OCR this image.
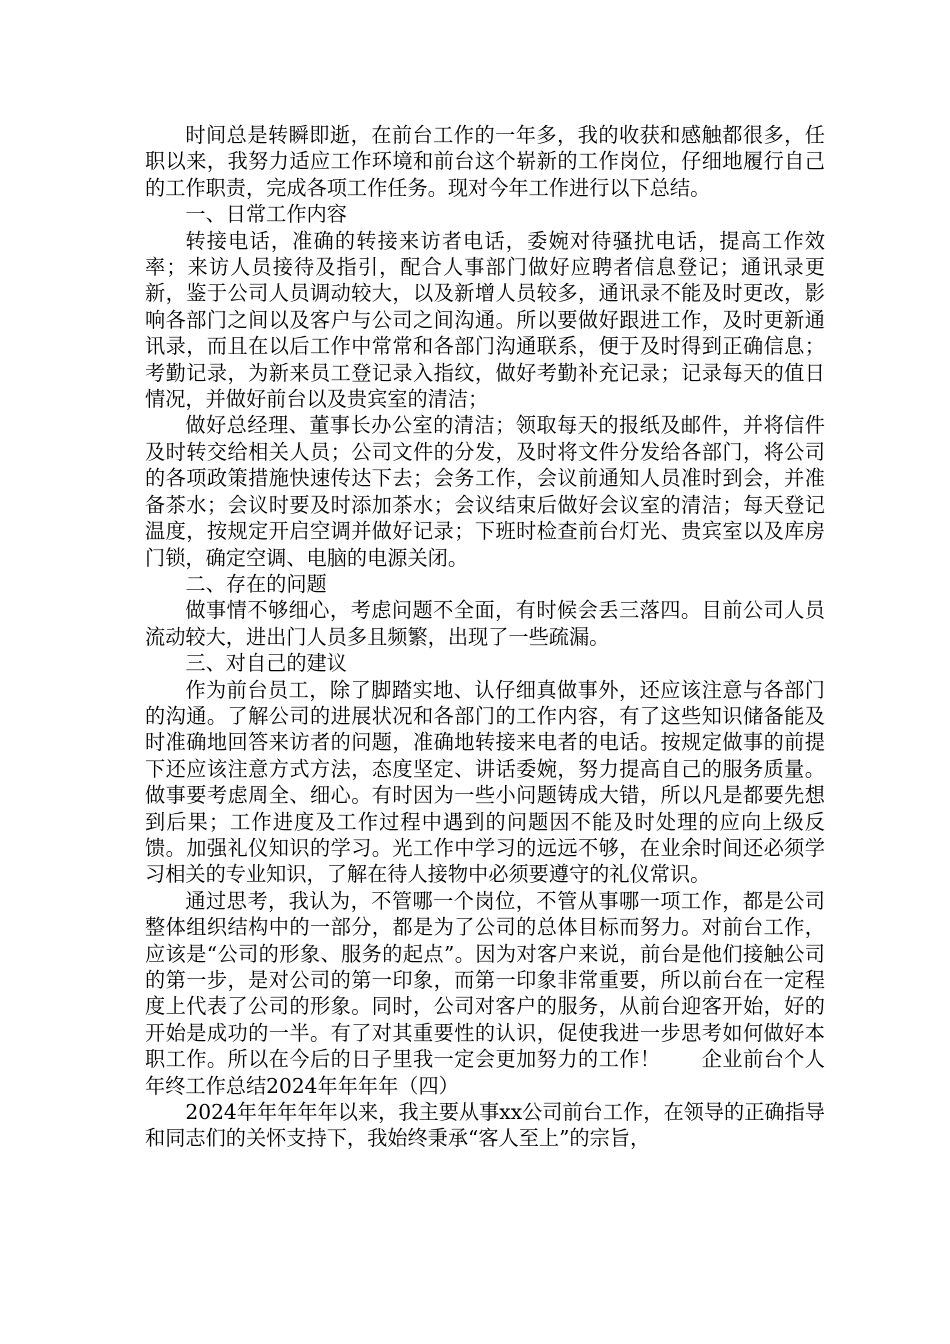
时间总是转瞬即逝，在前台工作的一年多，我的收获和感触都很多，任职以来，我努力适应工作环境和前台这个崭新的工作岗位，仔细地履行自己的工作职责，完成各项工作任务。现对今年工作进行以下总结。

一、日常工作内容

转接电话，准确的转接来访者电话，委婉对待骚扰电话，提高工作效率；来访人员接待及指引，配合人事部门做好应聘者信息登记；通讯录更新，鉴于公司人员调动较大，以及新增人员较多，通讯录不能及时更改，影响各部门之间以及客户与公司之间沟通。所以要做好跟进工作，及时更新通讯录，而且在以后工作中常常和各部门沟通联系，便于及时得到正确信息；考勤记录，为新来员工登记录入指纹，做好考勤补充记录；记录每天的值日情况，并做好前台以及贵宾室的清洁；

做好总经理、董事长办公室的清洁；领取每天的报纸及邮件，并将信件及时转交给相关人员；公司文件的分发，及时将文件分发给各部门，将公司的各项政策措施快速传达下去；会务工作，会议前通知人员准时到会，并准备茶水；会议时要及时添加茶水；会议结束后做好会议室的清洁；每天登记温度，按规定开启空调并做好记录；下班时检查前台灯光、贵宾室以及库房门锁，确定空调、电脑的电源关闭。

二、存在的问题

做事情不够细心，考虑问题不全面，有时候会丢三落四。目前公司人员流动较大，进出门人员多且频繁，出现了一些疏漏。

三、对自己的建议

作为前台员工，除了脚踏实地、认仔细真做事外，还应该注意与各部门的沟通。了解公司的进展状况和各部门的工作内容，有了这些知识储备能及时准确地回答来访者的问题，准确地转接来电者的电话。按规定做事的前提下还应该注意方式方法，态度坚定、讲话委婉，努力提高自己的服务质量。做事要考虑周全、细心。有时因为一些小问题铸成大错，所以凡是都要先想到后果；工作进度及工作过程中遇到的问题因不能及时处理的应向上级反馈。加强礼仪知识的学习。光工作中学习的远远不够，在业余时间还必须学习相关的专业知识，了解在待人接物中必须要遵守的礼仪常识。

通过思考，我认为，不管哪一个岗位，不管从事哪一项工作，都是公司整体组织结构中的一部分，都是为了公司的总体目标而努力。对前台工作，应该是“公司的形象、服务的起点”。因为对客户来说，前台是他们接触公司的第一步，是对公司的第一印象，而第一印象非常重要，所以前台在一定程度上代表了公司的形象。同时，公司对客户的服务，从前台迎客开始，好的开始是成功的一半。有了对其重要性的认识，促使我进一步思考如何做好本职工作。所以在今后的日子里我一定会更加努力的工作！　　企业前台个人年终工作总结2024年年年年（四）

2024年年年年年以来，我主要从事xx公司前台工作，在领导的正确指导和同志们的关怀支持下，我始终秉承“客人至上”的宗旨，
